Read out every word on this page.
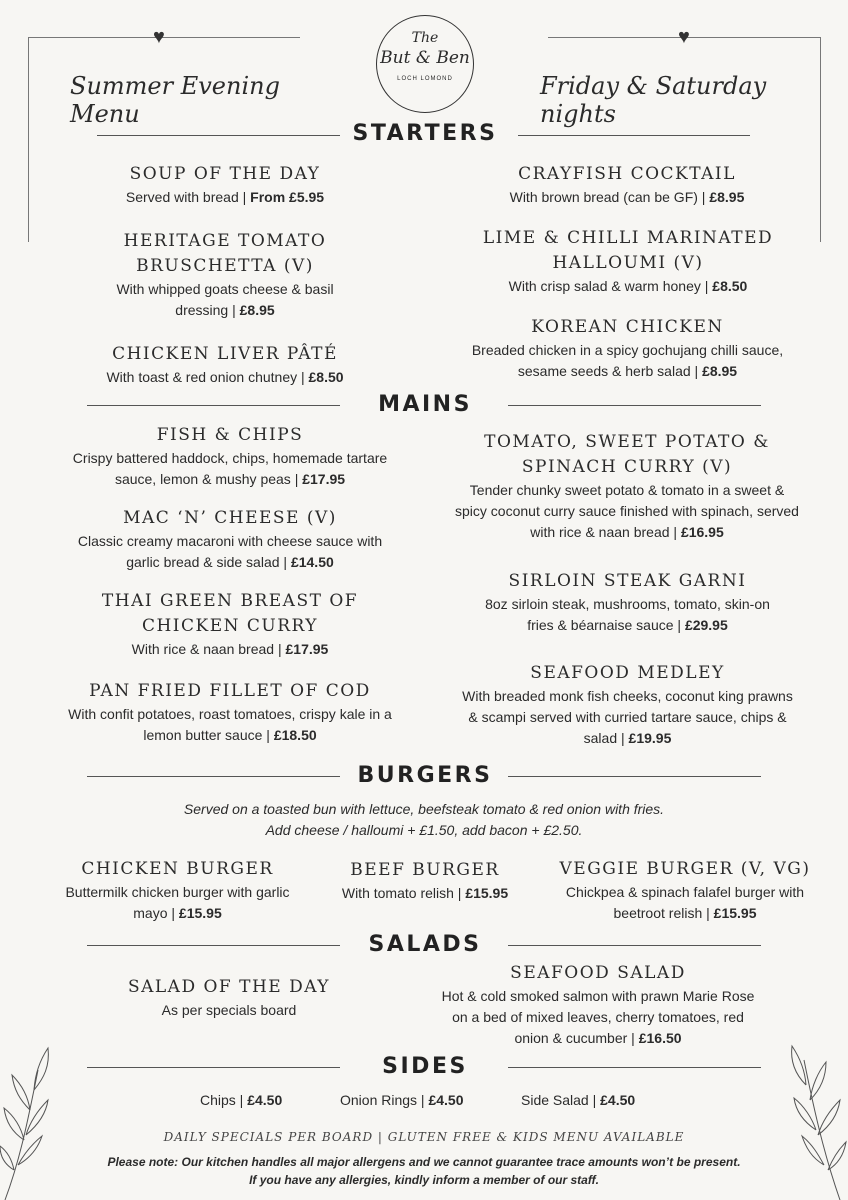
♥	♥
Summer Evening Menu
Friday & Saturday nights
The
But & Ben
LOCH LOMOND
STARTERS
SOUP OF THE DAY
Served with bread | From £5.95
HERITAGE TOMATO BRUSCHETTA (V)
With whipped goats cheese & basil dressing | £8.95
CHICKEN LIVER PÂTÉ
With toast & red onion chutney | £8.50
CRAYFISH COCKTAIL
With brown bread (can be GF) | £8.95
LIME & CHILLI MARINATED HALLOUMI (V)
With crisp salad & warm honey | £8.50
KOREAN CHICKEN
Breaded chicken in a spicy gochujang chilli sauce, sesame seeds & herb salad | £8.95
MAINS
FISH & CHIPS
Crispy battered haddock, chips, homemade tartare sauce, lemon & mushy peas | £17.95
MAC ‘N’ CHEESE (V)
Classic creamy macaroni with cheese sauce with garlic bread & side salad | £14.50
THAI GREEN BREAST OF CHICKEN CURRY
With rice & naan bread | £17.95
PAN FRIED FILLET OF COD
With confit potatoes, roast tomatoes, crispy kale in a lemon butter sauce | £18.50
TOMATO, SWEET POTATO & SPINACH CURRY (V)
Tender chunky sweet potato & tomato in a sweet & spicy coconut curry sauce finished with spinach, served with rice & naan bread | £16.95
SIRLOIN STEAK GARNI
8oz sirloin steak, mushrooms, tomato, skin-on fries & béarnaise sauce | £29.95
SEAFOOD MEDLEY
With breaded monk fish cheeks, coconut king prawns & scampi served with curried tartare sauce, chips & salad | £19.95
BURGERS
Served on a toasted bun with lettuce, beefsteak tomato & red onion with fries.
Add cheese / halloumi + £1.50, add bacon + £2.50.
CHICKEN BURGER
Buttermilk chicken burger with garlic mayo | £15.95
BEEF BURGER
With tomato relish | £15.95
VEGGIE BURGER (V, VG)
Chickpea & spinach falafel burger with beetroot relish | £15.95
SALADS
SALAD OF THE DAY
As per specials board
SEAFOOD SALAD
Hot & cold smoked salmon with prawn Marie Rose on a bed of mixed leaves, cherry tomatoes, red onion & cucumber | £16.50
SIDES
Chips | £4.50	Onion Rings | £4.50	Side Salad | £4.50
DAILY SPECIALS PER BOARD | GLUTEN FREE & KIDS MENU AVAILABLE
Please note: Our kitchen handles all major allergens and we cannot guarantee trace amounts won’t be present.
If you have any allergies, kindly inform a member of our staff.
